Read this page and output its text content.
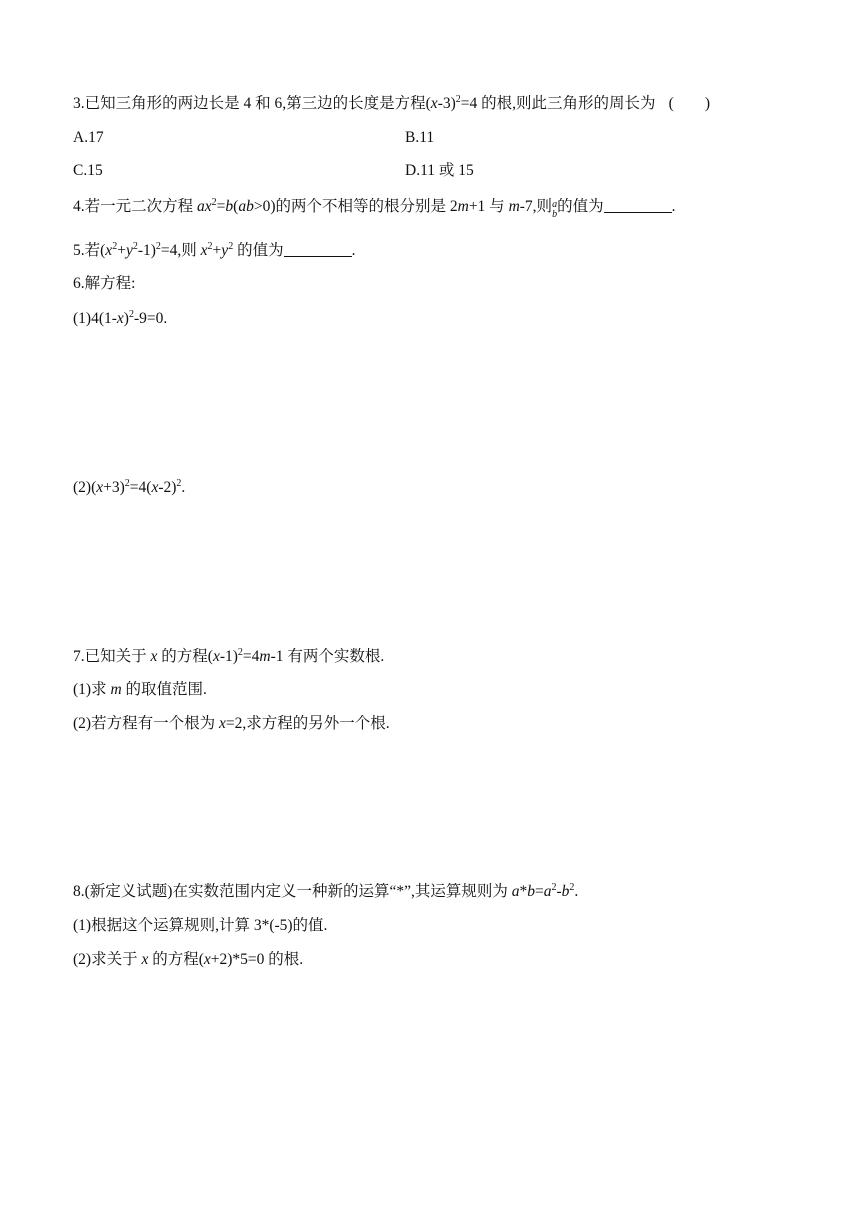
3.已知三角形的两边长是 4 和 6,第三边的长度是方程$(x-3)^2=4$ 的根,则此三角形的周长为 (　　)
A.17	B.11
C.15	D.11 或 15
4.若一元二次方程 $ax^2=b(ab>0)$的两个不相等的根分别是 2m+1 与 m-7,则 a
b 的值为	.
5.若$(x^2+y^2-1)^2=4$,则 $x^2+y^2$ 的值为	.
6.解方程:
$(1)4(1-x)^2-9=0$.
$(2)(x+3)^2=4(x-2)^2$.
7.已知关于 x 的方程$(x-1)^2=4m-1$ 有两个实数根.
(1)求 m 的取值范围.
(2)若方程有一个根为 x=2,求方程的另外一个根.
8.(新定义试题)在实数范围内定义一种新的运算“*”,其运算规则为 $a*b=a^2-b^2$.
(1)根据这个运算规则,计算 3*(-5)的值.
(2)求关于 x 的方程(x+2)*5=0 的根.
